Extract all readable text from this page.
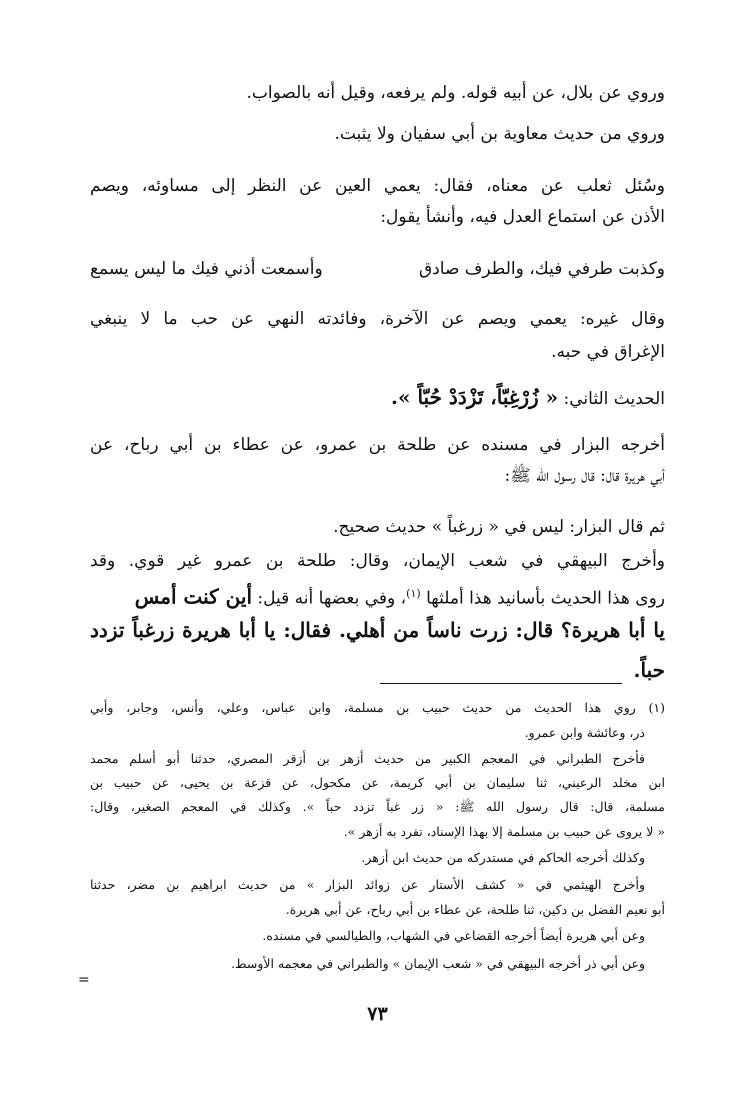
وروي عن بلال، عن أبيه قوله. ولم يرفعه، وقيل أنه بالصواب.

وروي من حديث معاوية بن أبي سفيان ولا يثبت.

وسُئل ثعلب عن معناه، فقال: يعمي العين عن النظر إلى مساوئه، ويصم

الأذن عن استماع العدل فيه، وأنشأ يقول:

وكذبت طرفي فيك، والطرف صادق
وأسمعت أذني فيك ما ليس يسمع

وقال غيره: يعمي ويصم عن الآخرة، وفائدته النهي عن حب ما لا ينبغي

الإغراق في حبه.

الحديث الثاني: « زُرْغِبّاً، تَزْدَدْ حُبّاً ».

أخرجه البزار في مسنده عن طلحة بن عمرو، عن عطاء بن أبي رباح، عن

أبي هريرة قال: قال رسول الله ﷺ:

ثم قال البزار: ليس في « زرغباً » حديث صحيح.

وأخرج البيهقي في شعب الإيمان، وقال: طلحة بن عمرو غير قوي. وقد

روى هذا الحديث بأسانيد هذا أملثها $^{(١)}$، وفي بعضها أنه قيل: أين كنت أمس

يا أبا هريرة؟ قال: زرت ناساً من أهلي. فقال: يا أبا هريرة زرغباً تزدد

حباً.

(١) روي هذا الحديث من حديث حبيب بن مسلمة، وابن عباس، وعلي، وأنس، وجابر، وأبي

ذر، وعائشة وابن عمرو.

فأخرج الطبراني في المعجم الكبير من حديث أزهر بن أزقر المصري، حدثنا أبو أسلم محمد

ابن مخلد الرعيني، ثنا سليمان بن أبي كريمة، عن مكحول، عن قزعة بن يحيى، عن حبيب بن

مسلمة، قال: قال رسول الله ﷺ: « زر غباً تزدد حباً ». وكذلك في المعجم الصغير، وقال:

« لا يروى عن حبيب بن مسلمة إلا بهذا الإسناد، تفرد به أزهر ».

وكذلك أخرجه الحاكم في مستدركه من حديث ابن أزهر.

وأخرج الهيثمي في « كشف الأستار عن زوائد البزار » من حديث ابراهيم بن مضر، حدثنا

أبو نعيم الفضل بن دكين، ثنا طلحة، عن عطاء بن أبي رباح، عن أبي هريرة.

وعن أبي هريرة أيضاً أخرجه القضاعي في الشهاب، والطيالسي في مسنده.

وعن أبي ذر أخرجه البيهقي في « شعب الإيمان » والطبراني في معجمه الأوسط.

=
٧٣
